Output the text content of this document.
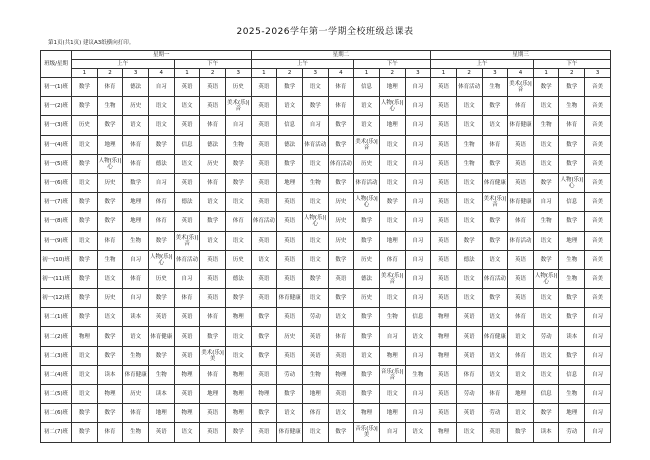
2025-2026学年第一学期全校班级总课表
第1页(共1页) 建议A3纸横向打印。
班级/星期	星期一							星期二							星期三						
	上午				下午			上午				下午			上午				下午		
	1	2	3	4	1	2	3	1	2	3	4	1	2	3	1	2	3	4	1	2	3
初一(1)班	数学	体育	德法	自习	英语	英语	历史	英语	数学	语文	体育	信息	地理	自习	英语	体育活动	生物	美术(乐)|音	数学	数学	音美
初一(2)班	数学	生物	历史	语文	语文	英语	美术(乐)|音	英语	语文	数学	体育	语文	人物(乐)|心	自习	英语	语文	数学	体育	语文	生物	音美
初一(3)班	历史	数学	语文	语文	英语	体育	自习	英语	信息	自习	数学	语文	地理	自习	英语	语文	语文	体育健康	生物	体育	音美
初一(4)班	语文	地理	体育	数学	信息	德法	生物	英语	德法	体育活动	数学	美术(乐)|音	语文	自习	英语	生物	体育	英语	语文	数学	音美
初一(5)班	数学	人物(乐)|心	体育	德法	语文	历史	数学	英语	数学	语文	体育活动	历史	语文	自习	英语	生物	数学	英语	语文	数学	音美
初一(6)班	语文	历史	数学	自习	英语	体育	数学	英语	地理	生物	数学	体育活动	语文	自习	英语	语文	体育健康	英语	数学	人物(乐)|心	音美
初一(7)班	数学	数学	地理	体育	德法	语文	语文	英语	英语	语文	历史	人物(乐)|心	数学	自习	英语	语文	美术(乐)|音	体育健康	自习	信息	音美
初一(8)班	数学	数学	地理	体育	英语	数学	体育	体育活动	英语	人物(乐)|心	历史	数学	语文	自习	英语	语文	数学	体育	生物	数学	音美
初一(9)班	语文	体育	生物	数学	美术(乐)|音	语文	语文	英语	英语	语文	历史	数学	地理	自习	英语	数学	数学	体育活动	语文	地理	音美
初一(10)班	数学	生物	自习	人物(乐)|心	体育活动	英语	历史	语文	英语	语文	数学	历史	体育	自习	英语	德法	语文	英语	数学	生物	音美
初一(11)班	数学	语文	体育	历史	自习	英语	德法	英语	英语	数学	英语	德法	美术(乐)|音	自习	英语	语文	体育活动	英语	人物(乐)|心	生物	音美
初一(12)班	数学	历史	自习	数学	体育	英语	数学	英语	体育健康	语文	数学	历史	语文	自习	英语	语文	数学	英语	语文	数学	音美
初二(1)班	数学	语文	读本	英语	英语	体育	物理	数学	英语	劳动	语文	数学	生物	信息	物理	英语	语文	体育	语文	数学	自习
初二(2)班	物理	数学	语文	体育健康	英语	数学	语文	数学	历史	英语	体育	数学	自习	语文	物理	英语	体育健康	语文	劳动	读本	自习
初二(3)班	语文	数学	生物	数学	英语	美术(乐)|美	语文	数学	英语	英语	英语	语文	物理	自习	物理	英语	语文	体育	语文	数学	自习
初二(4)班	语文	读本	体育健康	生物	物理	体育	物理	英语	劳动	生物	物理	数学	音乐(乐)|音	生物	英语	体育	语文	语文	语文	信息	自习
初二(5)班	语文	物理	历史	读本	英语	地理	物理	物理	数学	地理	英语	数学	语文	自习	英语	劳动	体育	地理	信息	生物	自习
初二(6)班	数学	数学	体育	地理	物理	英语	物理	数学	语文	体育	语文	物理	地理	自习	英语	英语	劳动	语文	数学	地理	自习
初二(7)班	数学	体育	生物	英语	语文	英语	数学	英语	体育健康	语文	数学	音乐(乐)|美	自习	语文	物理	语文	英语	数学	读本	劳动	自习
